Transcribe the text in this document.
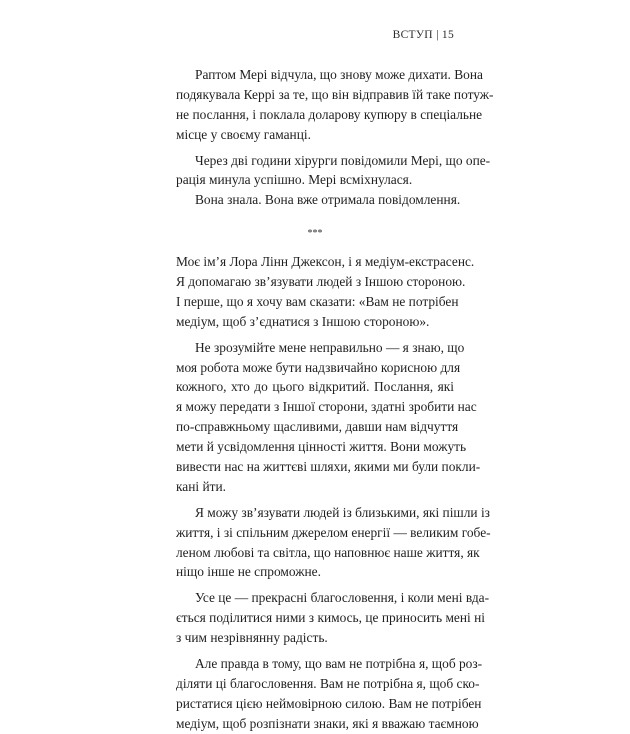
ВСТУП | 15
Раптом Мері відчула, що знову може дихати. Вона
подякувала Керрі за те, що він відправив їй таке потуж-
не послання, і поклала доларову купюру в спеціальне
місце у своєму гаманці.
Через дві години хірурги повідомили Мері, що опе-
рація минула успішно. Мері всміхнулася.
Вона знала. Вона вже отримала повідомлення.
***
Моє ім’я Лора Лінн Джексон, і я медіум-екстрасенс.
Я допомагаю зв’язувати людей з Іншою стороною.
І перше, що я хочу вам сказати: «Вам не потрібен
медіум, щоб з’єднатися з Іншою стороною».
Не зрозумійте мене неправильно — я знаю, що
моя робота може бути надзвичайно корисною для
кожного, хто до цього відкритий. Послання, які
я можу передати з Іншої сторони, здатні зробити нас
по-справжньому щасливими, давши нам відчуття
мети й усвідомлення цінності життя. Вони можуть
вивести нас на життєві шляхи, якими ми були покли-
кані йти.
Я можу зв’язувати людей із близькими, які пішли із
життя, і зі спільним джерелом енергії — великим гобе-
леном любові та світла, що наповнює наше життя, як
ніщо інше не спроможне.
Усе це — прекрасні благословення, і коли мені вда-
ється поділитися ними з кимось, це приносить мені ні
з чим незрівнянну радість.
Але правда в тому, що вам не потрібна я, щоб роз-
діляти ці благословення. Вам не потрібна я, щоб ско-
ристатися цією неймовірною силою. Вам не потрібен
медіум, щоб розпізнати знаки, які я вважаю таємною
